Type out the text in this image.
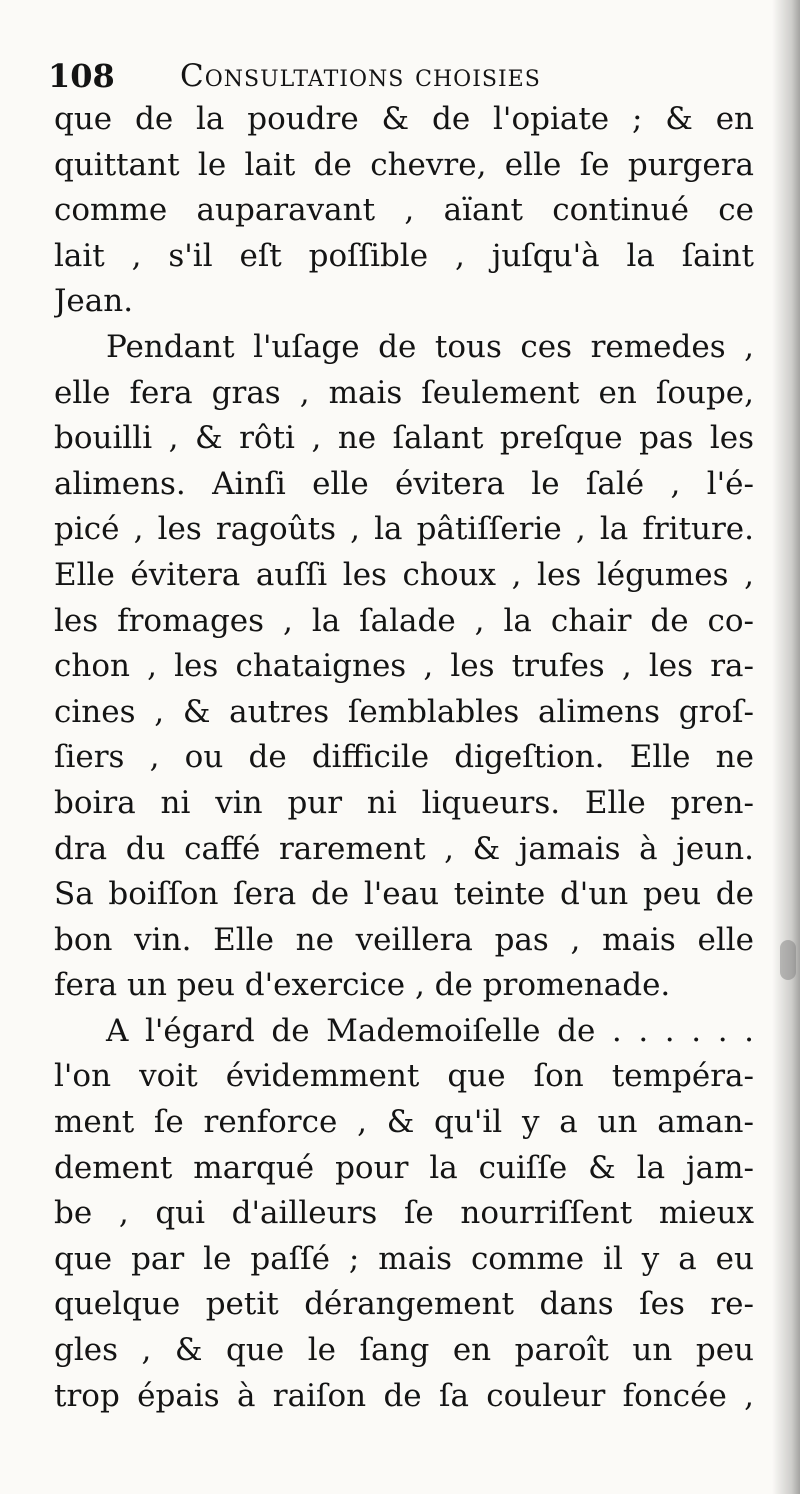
108 Consultations choisies
que de la poudre & de l'opiate ; & en
quittant le lait de chevre, elle ſe purgera
comme auparavant , aïant continué ce
lait , s'il eſt poſſible , juſqu'à la ſaint
Jean.
Pendant l'uſage de tous ces remedes ,
elle fera gras , mais ſeulement en ſoupe,
bouilli , & rôti , ne ſalant preſque pas les
alimens. Ainſi elle évitera le ſalé , l'é-
picé , les ragoûts , la pâtiſſerie , la friture.
Elle évitera auſſi les choux , les légumes ,
les fromages , la ſalade , la chair de co-
chon , les chataignes , les trufes , les ra-
cines , & autres ſemblables alimens groſ-
ſiers , ou de difficile digeſtion. Elle ne
boira ni vin pur ni liqueurs. Elle pren-
dra du caffé rarement , & jamais à jeun.
Sa boiſſon ſera de l'eau teinte d'un peu de
bon vin. Elle ne veillera pas , mais elle
fera un peu d'exercice , de promenade.
A l'égard de Mademoiſelle de . . . . . .
l'on voit évidemment que ſon tempéra-
ment ſe renforce , & qu'il y a un aman-
dement marqué pour la cuiſſe & la jam-
be , qui d'ailleurs ſe nourriſſent mieux
que par le paſſé ; mais comme il y a eu
quelque petit dérangement dans ſes re-
gles , & que le ſang en paroît un peu
trop épais à raiſon de ſa couleur foncée ,
